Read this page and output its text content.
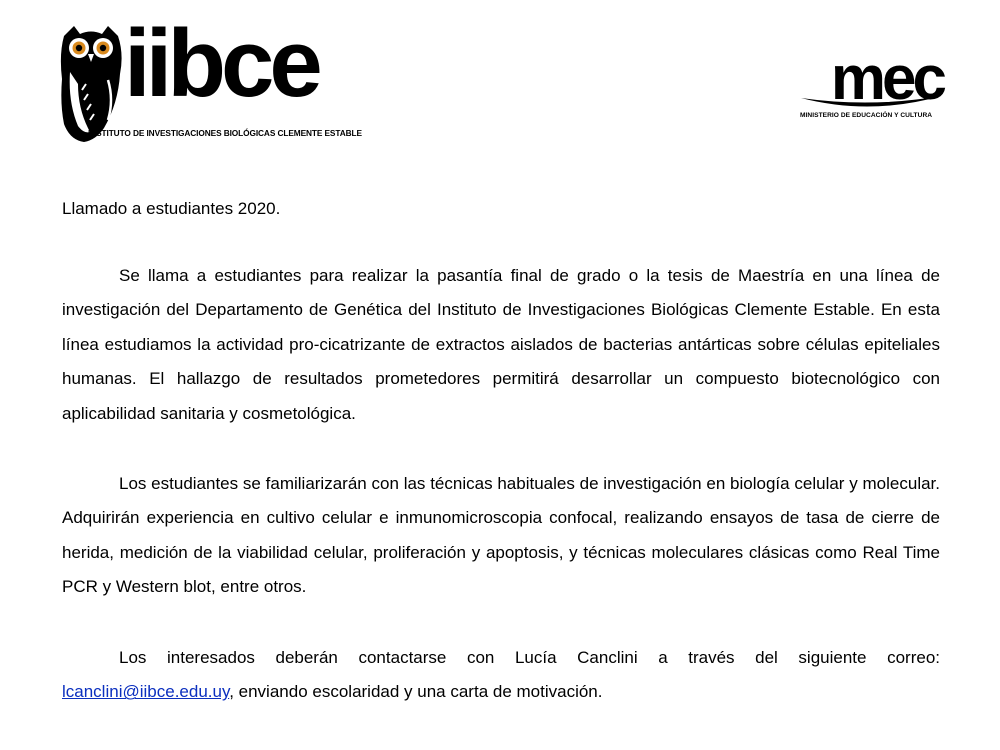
iibce
INSTITUTO DE INVESTIGACIONES BIOLÓGICAS CLEMENTE ESTABLE
mec
MINISTERIO DE EDUCACIÓN Y CULTURA

Llamado a estudiantes 2020.

Se llama a estudiantes para realizar la pasantía final de grado o la tesis de Maestría en una línea de investigación del Departamento de Genética del Instituto de Investigaciones Biológicas Clemente Estable. En esta línea estudiamos la actividad pro-cicatrizante de extractos aislados de bacterias antárticas sobre células epiteliales humanas. El hallazgo de resultados prometedores permitirá desarrollar un compuesto biotecnológico con aplicabilidad sanitaria y cosmetológica.

Los estudiantes se familiarizarán con las técnicas habituales de investigación en biología celular y molecular. Adquirirán experiencia en cultivo celular e inmunomicroscopia confocal, realizando ensayos de tasa de cierre de herida, medición de la viabilidad celular, proliferación y apoptosis, y técnicas moleculares clásicas como Real Time PCR y Western blot, entre otros.

Los interesados deberán contactarse con Lucía Canclini a través del siguiente correo: lcanclini@iibce.edu.uy, enviando escolaridad y una carta de motivación.
